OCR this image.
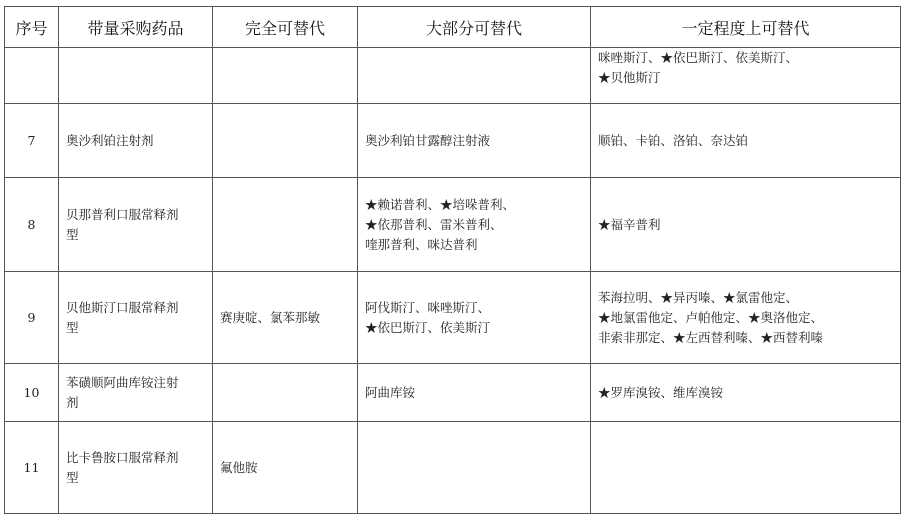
序号	带量采购药品	完全可替代	大部分可替代	一定程度上可替代

				咪唑斯汀、★依巴斯汀、依美斯汀、
★贝他斯汀

7	奥沙利铂注射剂		奥沙利铂甘露醇注射液	顺铂、卡铂、洛铂、奈达铂

8	贝那普利口服常释剂
型		★赖诺普利、★培哚普利、
★依那普利、雷米普利、
喹那普利、咪达普利	★福辛普利

9	贝他斯汀口服常释剂
型	赛庚啶、氯苯那敏	阿伐斯汀、咪唑斯汀、
★依巴斯汀、依美斯汀	苯海拉明、★异丙嗪、★氯雷他定、
★地氯雷他定、卢帕他定、★奥洛他定、
非索非那定、★左西替利嗪、★西替利嗪

10	苯磺顺阿曲库铵注射
剂		阿曲库铵	★罗库溴铵、维库溴铵

11	比卡鲁胺口服常释剂
型	氟他胺		
